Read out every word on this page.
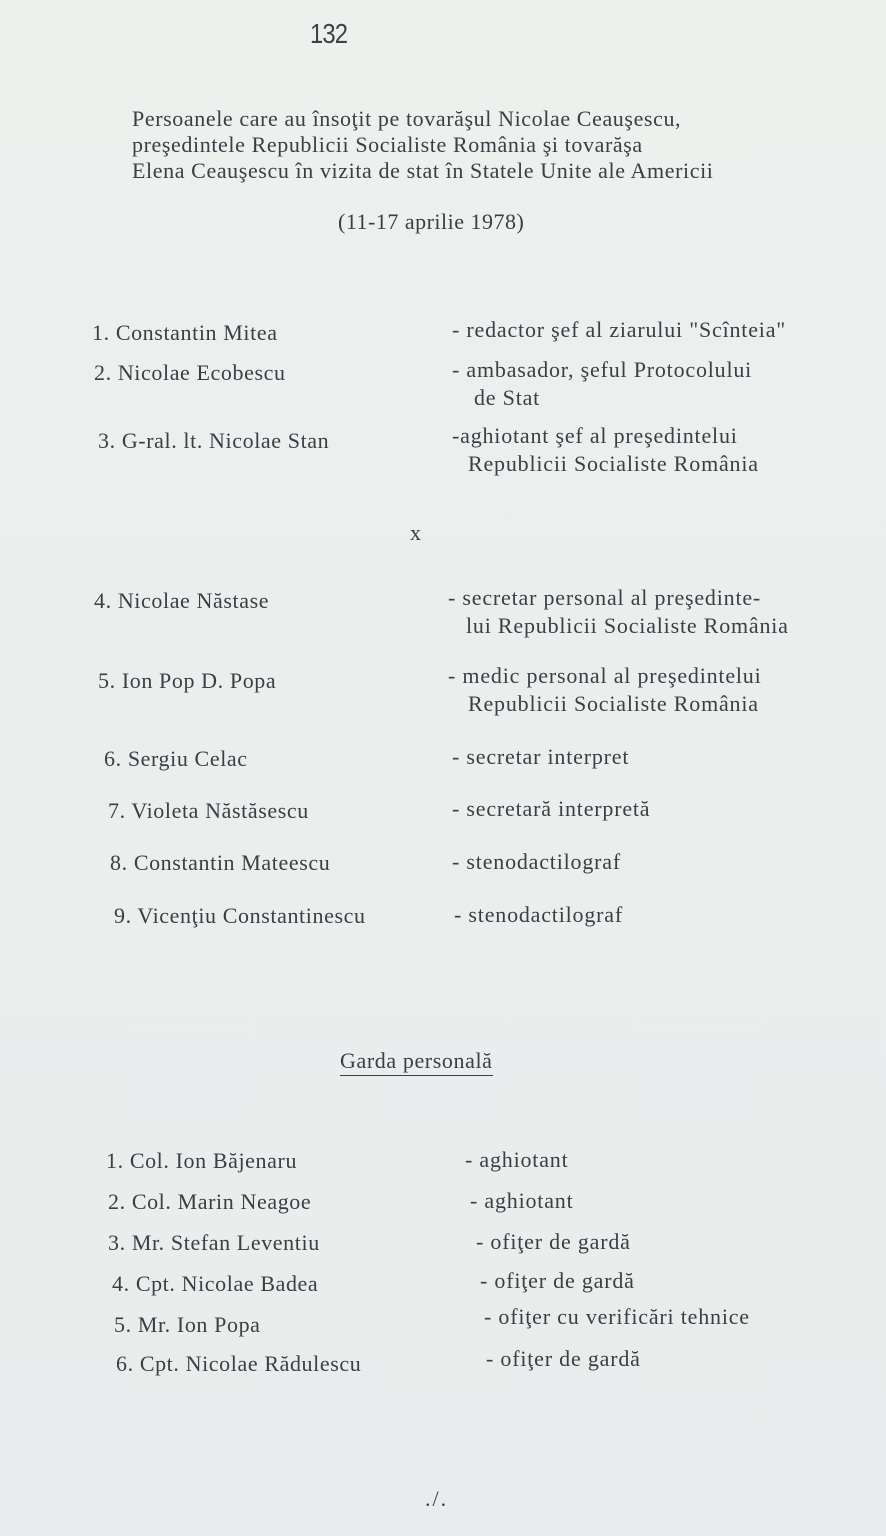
132
Persoanele care au însoţit pe tovarăşul Nicolae Ceauşescu,
preşedintele Republicii Socialiste România şi tovarăşa
Elena Ceauşescu în vizita de stat în Statele Unite ale Americii
(11-17 aprilie 1978)
1. Constantin Mitea	- redactor şef al ziarului "Scînteia"
2. Nicolae Ecobescu	- ambasador, şeful Protocolului
de Stat
3. G-ral. lt. Nicolae Stan	-aghiotant şef al preşedintelui
Republicii Socialiste România
x
4. Nicolae Năstase	- secretar personal al preşedinte-
lui Republicii Socialiste România
5. Ion Pop D. Popa	- medic personal al preşedintelui
Republicii Socialiste România
6. Sergiu Celac	- secretar interpret
7. Violeta Năstăsescu	- secretară interpretă
8. Constantin Mateescu	- stenodactilograf
9. Vicenţiu Constantinescu	- stenodactilograf
Garda personală
1. Col. Ion Băjenaru	- aghiotant
2. Col. Marin Neagoe	- aghiotant
3. Mr. Stefan Leventiu	- ofiţer de gardă
4. Cpt. Nicolae Badea	- ofiţer de gardă
5. Mr. Ion Popa	- ofiţer cu verificări tehnice
6. Cpt. Nicolae Rădulescu	- ofiţer de gardă
./.
